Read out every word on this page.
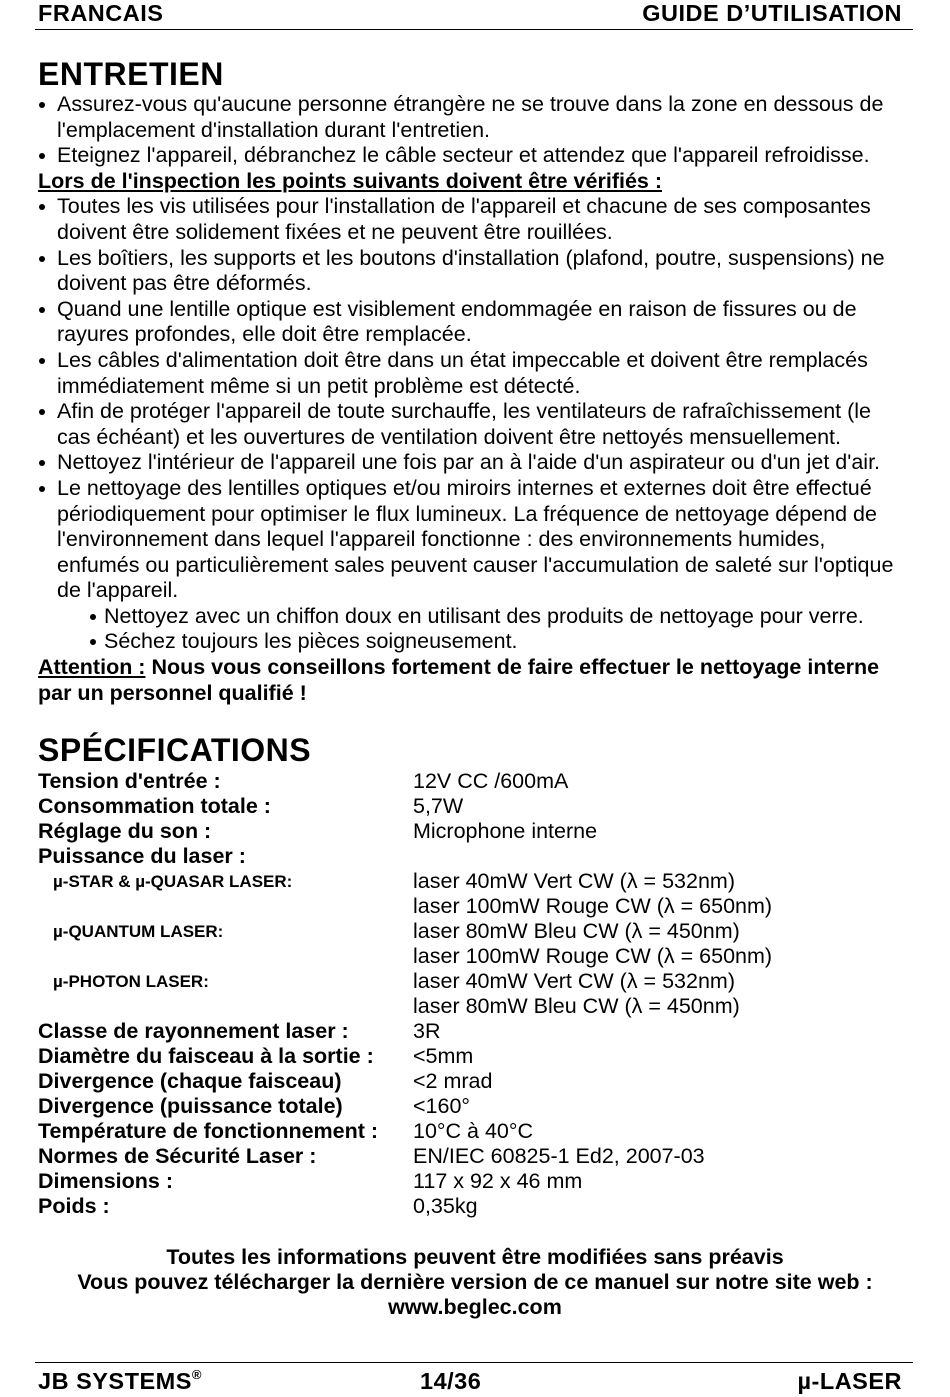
FRANCAIS	GUIDE D’UTILISATION
ENTRETIEN
Assurez-vous qu'aucune personne étrangère ne se trouve dans la zone en dessous de l'emplacement d'installation durant l'entretien.
Eteignez l'appareil, débranchez le câble secteur et attendez que l'appareil refroidisse.
Lors de l'inspection les points suivants doivent être vérifiés :
Toutes les vis utilisées pour l'installation de l'appareil et chacune de ses composantes doivent être solidement fixées et ne peuvent être rouillées.
Les boîtiers, les supports et les boutons d'installation (plafond, poutre, suspensions) ne doivent pas être déformés.
Quand une lentille optique est visiblement endommagée en raison de fissures ou de rayures profondes, elle doit être remplacée.
Les câbles d'alimentation doit être dans un état impeccable et doivent être remplacés immédiatement même si un petit problème est détecté.
Afin de protéger l'appareil de toute surchauffe, les ventilateurs de rafraîchissement (le cas échéant) et les ouvertures de ventilation doivent être nettoyés mensuellement.
Nettoyez l'intérieur de l'appareil une fois par an à l'aide d'un aspirateur ou d'un jet d'air.
Le nettoyage des lentilles optiques et/ou miroirs internes et externes doit être effectué périodiquement pour optimiser le flux lumineux. La fréquence de nettoyage dépend de l'environnement dans lequel l'appareil fonctionne : des environnements humides, enfumés ou particulièrement sales peuvent causer l'accumulation de saleté sur l'optique de l'appareil.
Nettoyez avec un chiffon doux en utilisant des produits de nettoyage pour verre.
Séchez toujours les pièces soigneusement.
Attention : Nous vous conseillons fortement de faire effectuer le nettoyage interne par un personnel qualifié !
SPÉCIFICATIONS
Tension d'entrée :	12V CC /600mA
Consommation totale :	5,7W
Réglage du son :	Microphone interne
Puissance du laser :
µ-STAR & µ-QUASAR LASER:	laser 40mW Vert CW (λ = 532nm)
laser 100mW Rouge CW (λ = 650nm)
µ-QUANTUM LASER:	laser 80mW Bleu CW (λ = 450nm)
laser 100mW Rouge CW (λ = 650nm)
µ-PHOTON LASER:	laser 40mW Vert CW (λ = 532nm)
laser 80mW Bleu CW (λ = 450nm)
Classe de rayonnement laser :	3R
Diamètre du faisceau à la sortie :	<5mm
Divergence (chaque faisceau)	<2 mrad
Divergence (puissance totale)	<160°
Température de fonctionnement :	10°C à 40°C
Normes de Sécurité Laser :	EN/IEC 60825-1 Ed2, 2007-03
Dimensions :	117 x 92 x 46 mm
Poids :	0,35kg
Toutes les informations peuvent être modifiées sans préavis
Vous pouvez télécharger la dernière version de ce manuel sur notre site web :
www.beglec.com
JB SYSTEMS®	14/36	µ-LASER
